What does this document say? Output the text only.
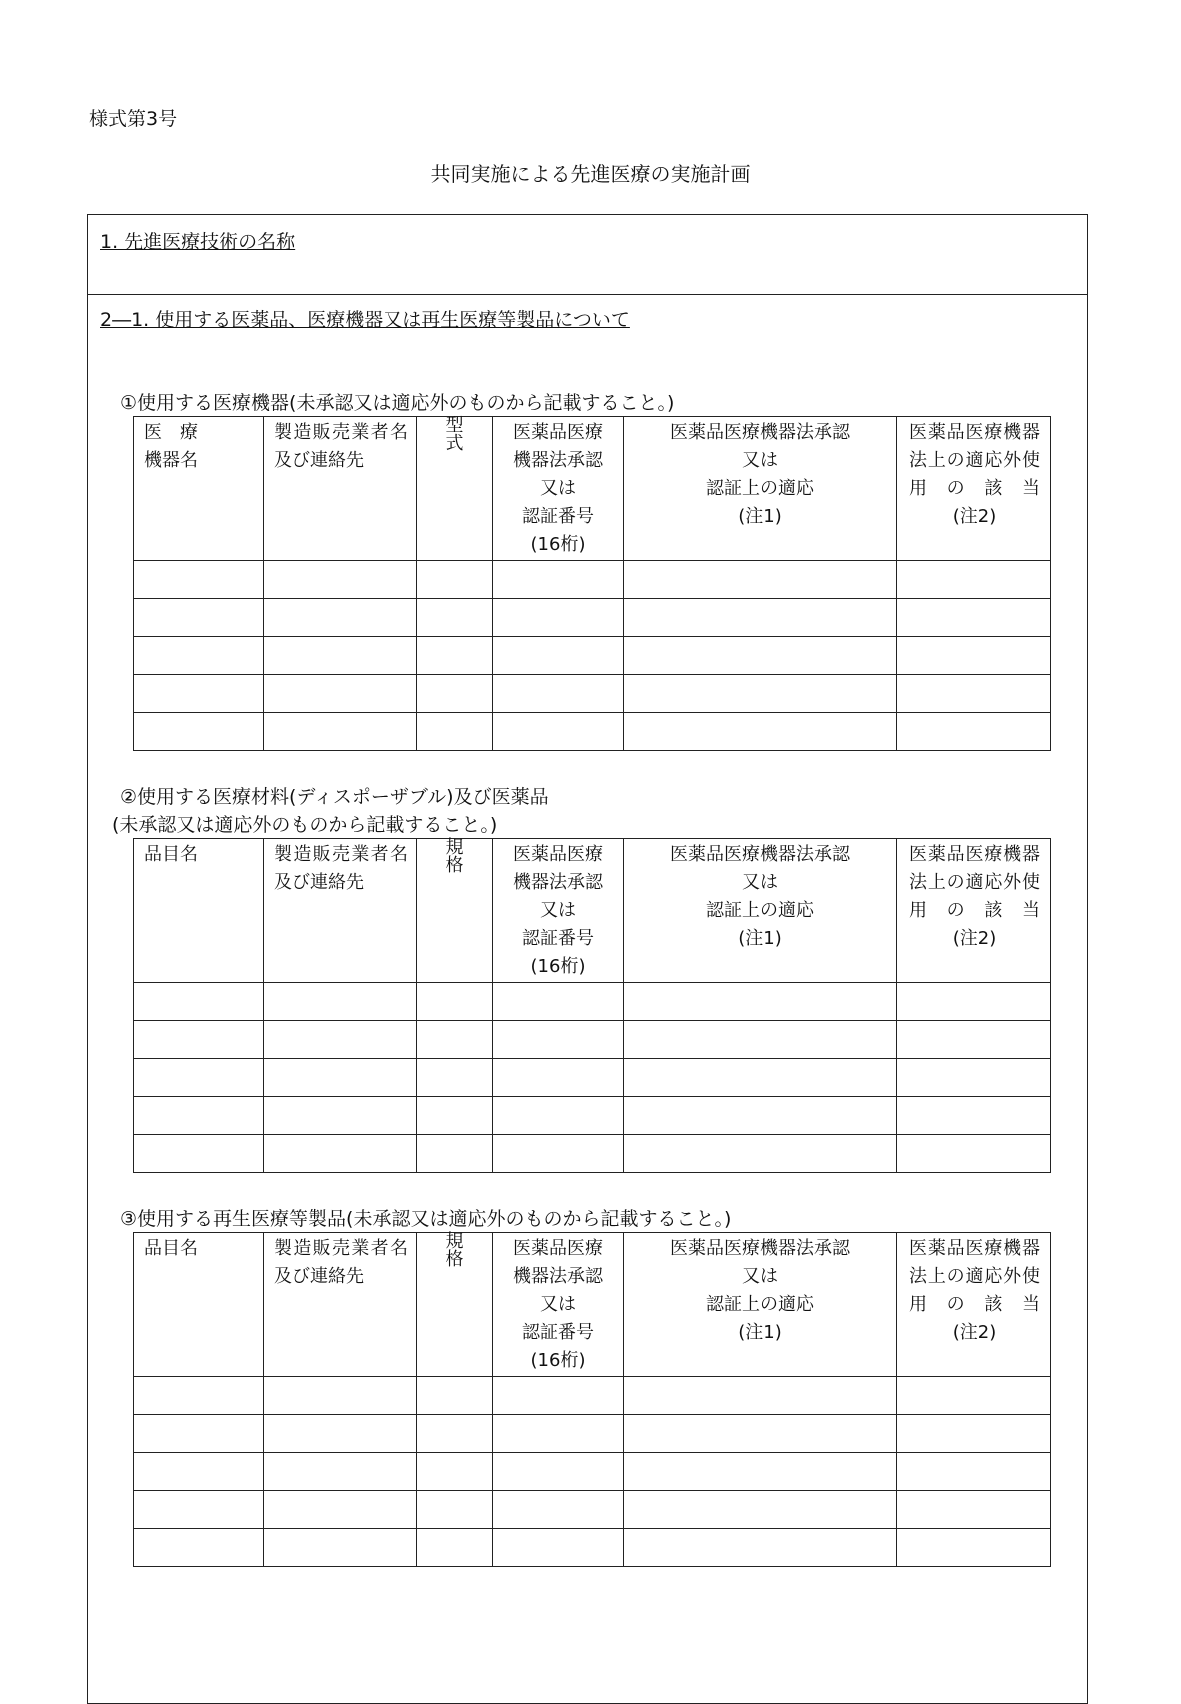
様式第3号
共同実施による先進医療の実施計画
1. 先進医療技術の名称
2―1. 使用する医薬品、医療機器又は再生医療等製品について
①使用する医療機器(未承認又は適応外のものから記載すること。)
医　療
機器名	製造販売業者名及び連絡先	型式	医薬品医療
機器法承認
又は
認証番号
(16桁)	医薬品医療機器法承認
又は
認証上の適応
(注1)	医薬品医療機器法上の適応外使用の該当
(注2)

②使用する医療材料(ディスポーザブル)及び医薬品
(未承認又は適応外のものから記載すること。)
品目名	製造販売業者名及び連絡先	規格	医薬品医療
機器法承認
又は
認証番号
(16桁)	医薬品医療機器法承認
又は
認証上の適応
(注1)	医薬品医療機器法上の適応外使用の該当
(注2)

③使用する再生医療等製品(未承認又は適応外のものから記載すること。)
品目名	製造販売業者名及び連絡先	規格	医薬品医療
機器法承認
又は
認証番号
(16桁)	医薬品医療機器法承認
又は
認証上の適応
(注1)	医薬品医療機器法上の適応外使用の該当
(注2)
